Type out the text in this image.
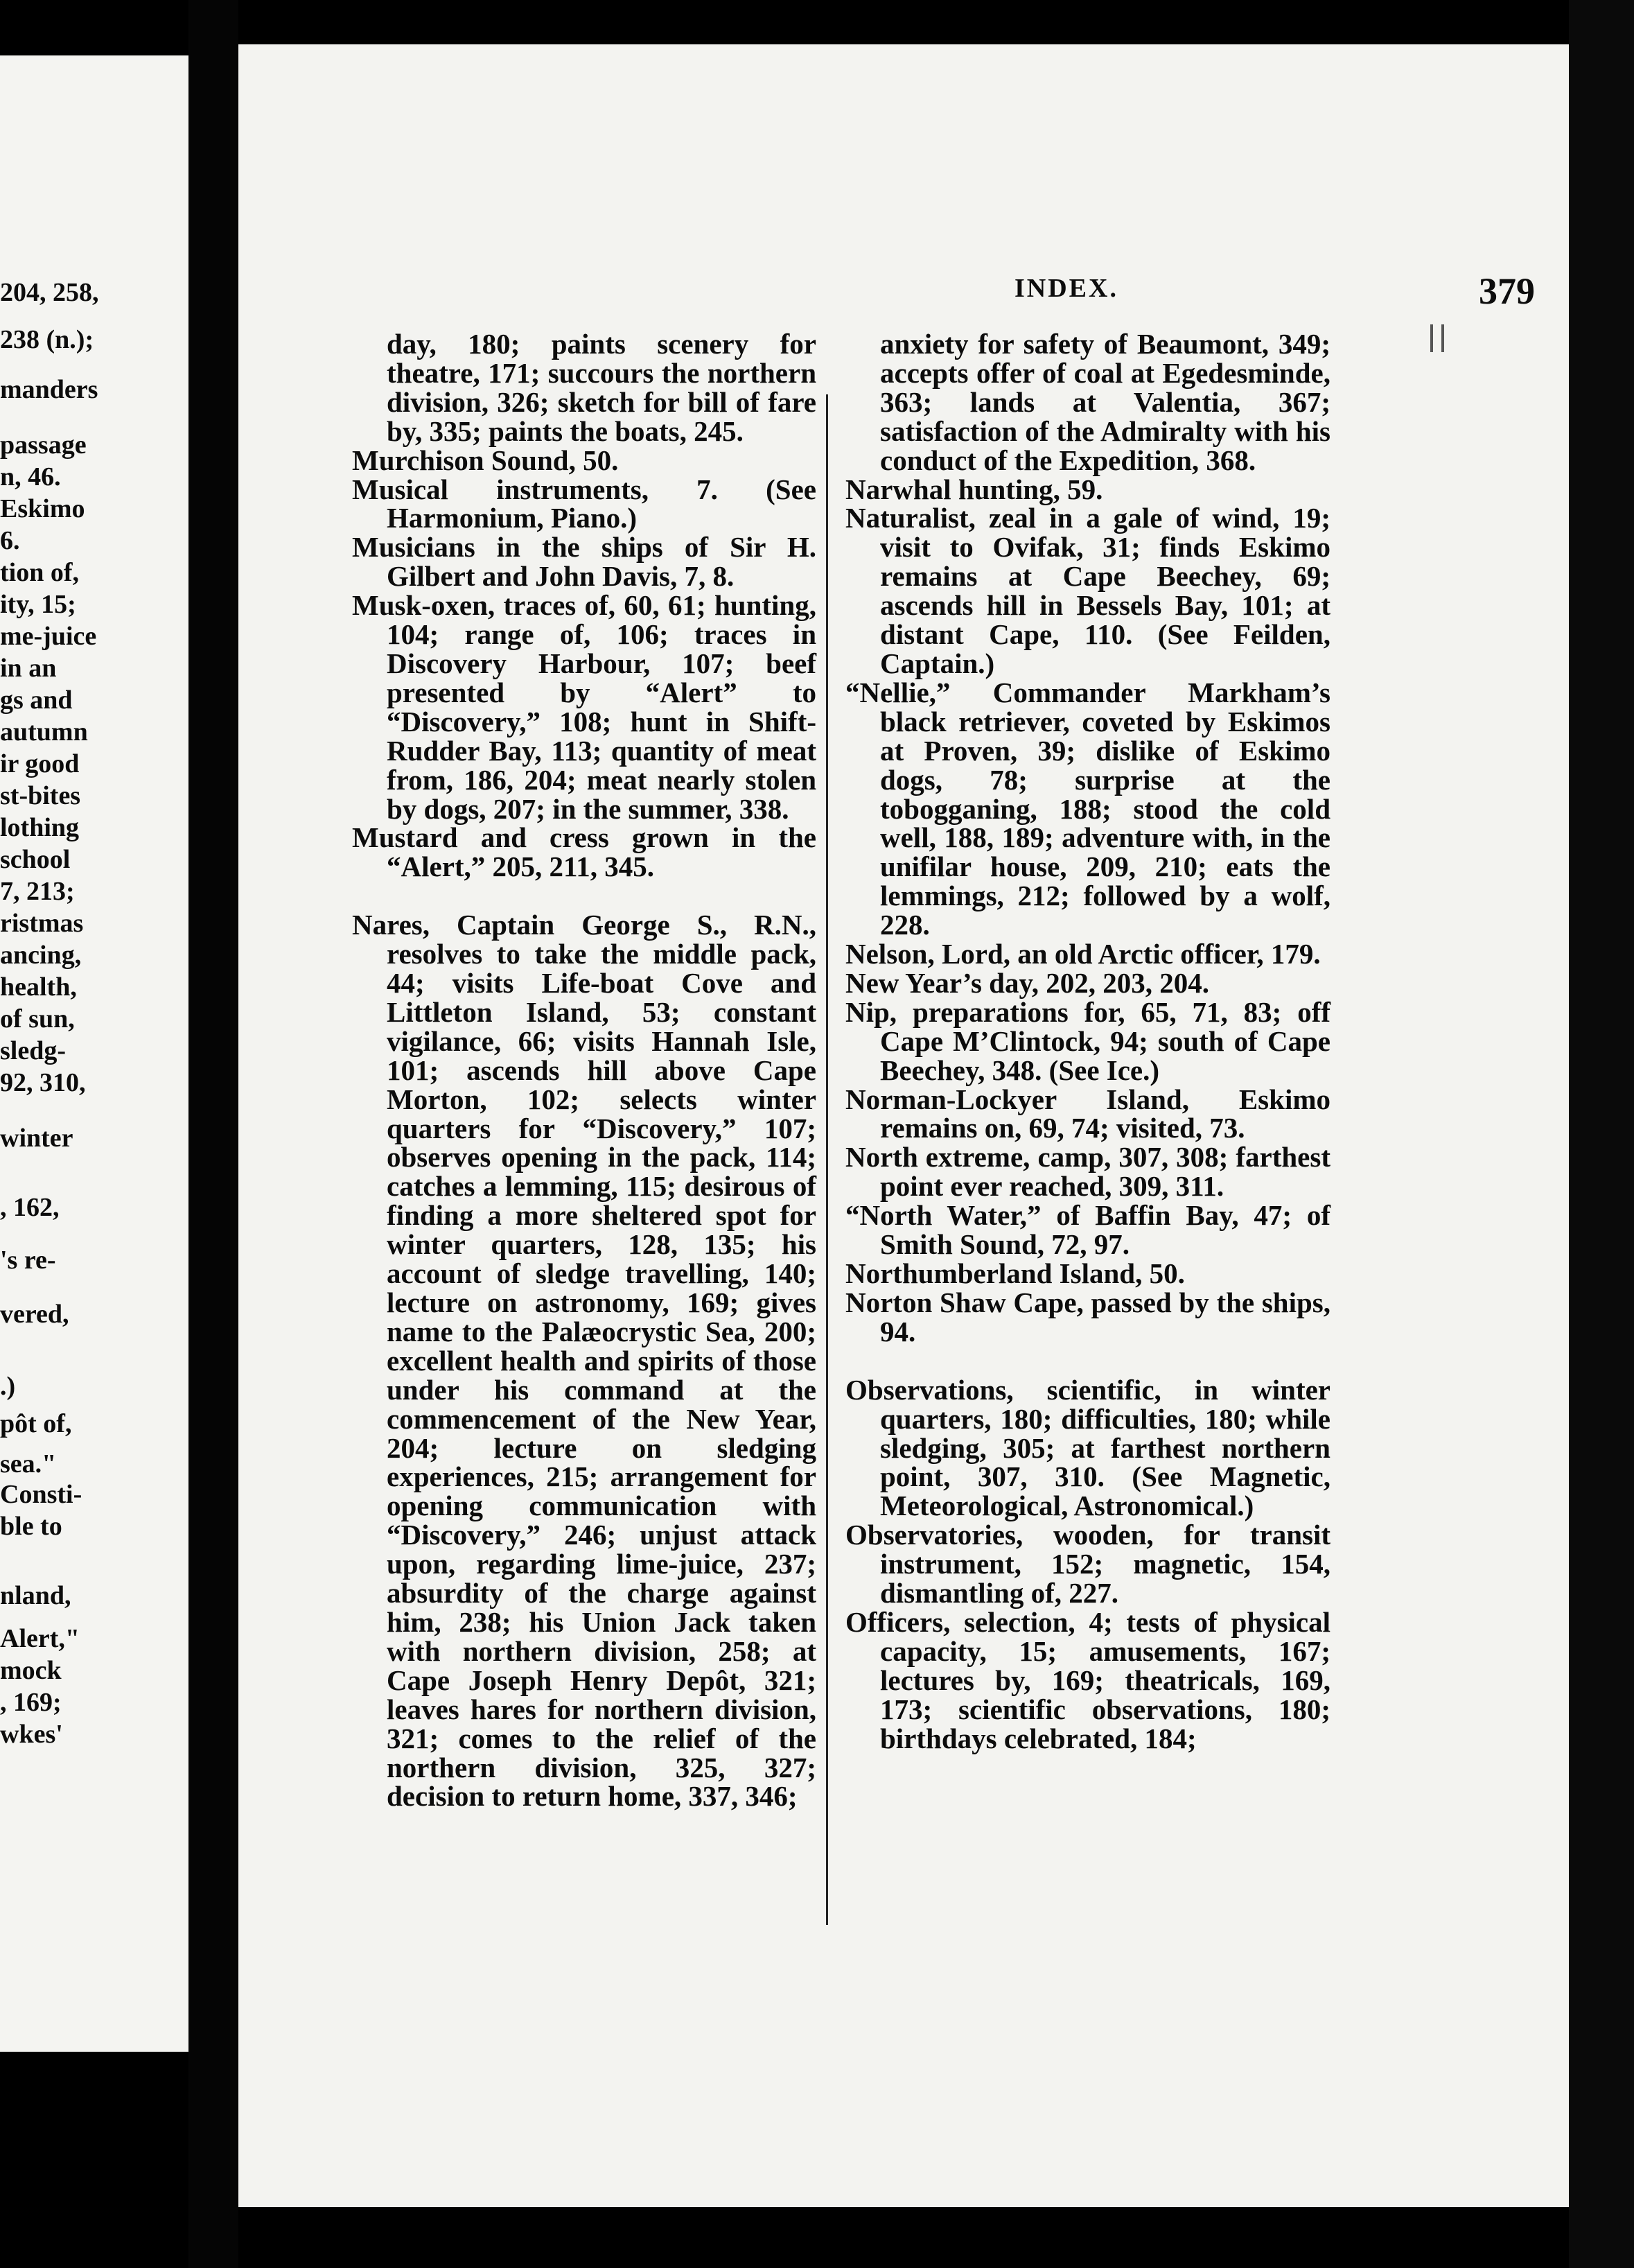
204, 258,
238 (n.);
manders
passage
n, 46.
Eskimo
6.
tion of,
ity, 15;
me-juice
in an
gs and
autumn
ir good
st-bites
lothing
school
7, 213;
ristmas
ancing,
health,
of sun,
sledg-
92, 310,
winter
, 162,
's re-
vered,
.)
pôt of,
sea."
Consti-
ble to
nland,
Alert,"
mock
, 169;
wkes'
INDEX.	379

day, 180; paints scenery for theatre, 171; succours the northern division, 326; sketch for bill of fare by, 335; paints the boats, 245.

Murchison Sound, 50.

Musical instruments, 7. (See Harmonium, Piano.)

Musicians in the ships of Sir H. Gilbert and John Davis, 7, 8.

Musk-oxen, traces of, 60, 61; hunting, 104; range of, 106; traces in Discovery Harbour, 107; beef presented by “Alert” to “Discovery,” 108; hunt in Shift-Rudder Bay, 113; quantity of meat from, 186, 204; meat nearly stolen by dogs, 207; in the summer, 338.

Mustard and cress grown in the “Alert,” 205, 211, 345.

Nares, Captain George S., R.N., resolves to take the middle pack, 44; visits Life-boat Cove and Littleton Island, 53; constant vigilance, 66; visits Hannah Isle, 101; ascends hill above Cape Morton, 102; selects winter quarters for “Discovery,” 107; observes opening in the pack, 114; catches a lemming, 115; desirous of finding a more sheltered spot for winter quarters, 128, 135; his account of sledge travelling, 140; lecture on astronomy, 169; gives name to the Palæocrystic Sea, 200; excellent health and spirits of those under his command at the commencement of the New Year, 204; lecture on sledging experiences, 215; arrangement for opening communication with “Discovery,” 246; unjust attack upon, regarding lime-juice, 237; absurdity of the charge against him, 238; his Union Jack taken with northern division, 258; at Cape Joseph Henry Depôt, 321; leaves hares for northern division, 321; comes to the relief of the northern division, 325, 327; decision to return home, 337, 346;

anxiety for safety of Beaumont, 349; accepts offer of coal at Egedesminde, 363; lands at Valentia, 367; satisfaction of the Admiralty with his conduct of the Expedition, 368.

Narwhal hunting, 59.

Naturalist, zeal in a gale of wind, 19; visit to Ovifak, 31; finds Eskimo remains at Cape Beechey, 69; ascends hill in Bessels Bay, 101; at distant Cape, 110. (See Feilden, Captain.)

“Nellie,” Commander Markham’s black retriever, coveted by Eskimos at Proven, 39; dislike of Eskimo dogs, 78; surprise at the tobogganing, 188; stood the cold well, 188, 189; adventure with, in the unifilar house, 209, 210; eats the lemmings, 212; followed by a wolf, 228.

Nelson, Lord, an old Arctic officer, 179.

New Year’s day, 202, 203, 204.

Nip, preparations for, 65, 71, 83; off Cape M’Clintock, 94; south of Cape Beechey, 348. (See Ice.)

Norman-Lockyer Island, Eskimo remains on, 69, 74; visited, 73.

North extreme, camp, 307, 308; farthest point ever reached, 309, 311.

“North Water,” of Baffin Bay, 47; of Smith Sound, 72, 97.

Northumberland Island, 50.

Norton Shaw Cape, passed by the ships, 94.

Observations, scientific, in winter quarters, 180; difficulties, 180; while sledging, 305; at farthest northern point, 307, 310. (See Magnetic, Meteorological, Astronomical.)

Observatories, wooden, for transit instrument, 152; magnetic, 154, dismantling of, 227.

Officers, selection, 4; tests of physical capacity, 15; amusements, 167; lectures by, 169; theatricals, 169, 173; scientific observations, 180; birthdays celebrated, 184;
